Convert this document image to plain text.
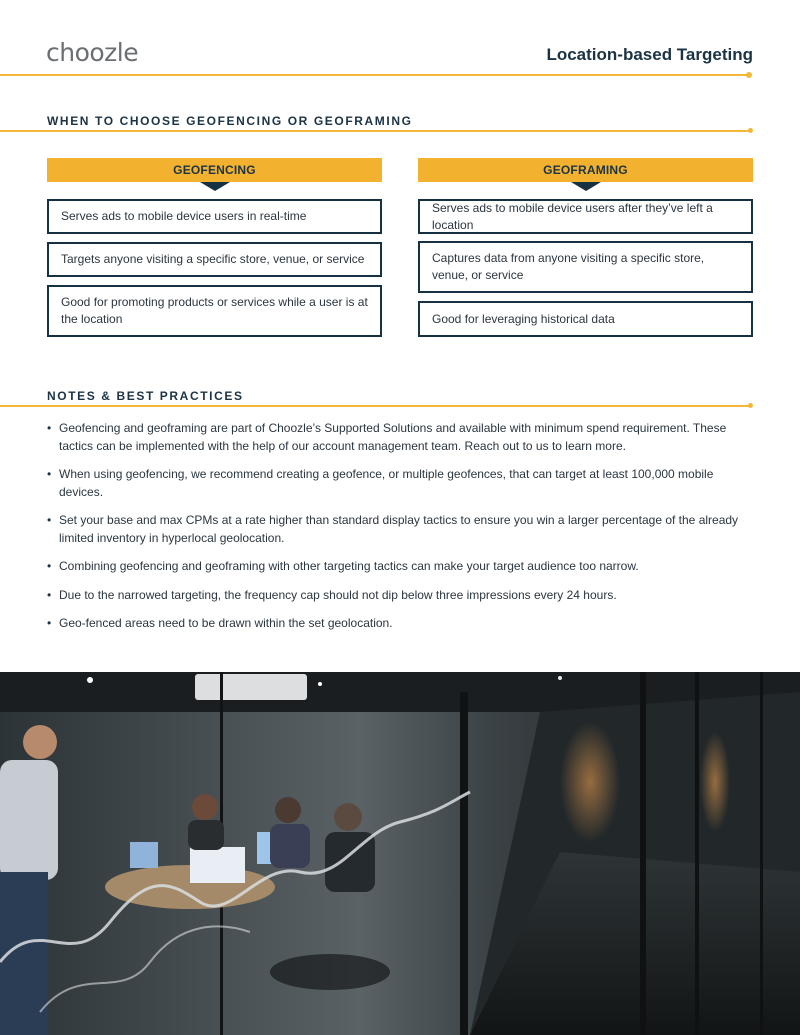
choozle	Location-based Targeting
WHEN TO CHOOSE GEOFENCING OR GEOFRAMING
GEOFENCING
Serves ads to mobile device users in real-time
Targets anyone visiting a specific store, venue, or service
Good for promoting products or services while a user is at the location
GEOFRAMING
Serves ads to mobile device users after they’ve left a location
Captures data from anyone visiting a specific store, venue, or service
Good for leveraging historical data
NOTES & BEST PRACTICES
• Geofencing and geoframing are part of Choozle’s Supported Solutions and available with minimum spend requirement. These tactics can be implemented with the help of our account management team. Reach out to us to learn more.
• When using geofencing, we recommend creating a geofence, or multiple geofences, that can target at least 100,000 mobile devices.
• Set your base and max CPMs at a rate higher than standard display tactics to ensure you win a larger percentage of the already limited inventory in hyperlocal geolocation.
• Combining geofencing and geoframing with other targeting tactics can make your target audience too narrow.
• Due to the narrowed targeting, the frequency cap should not dip below three impressions every 24 hours.
• Geo-fenced areas need to be drawn within the set geolocation.
